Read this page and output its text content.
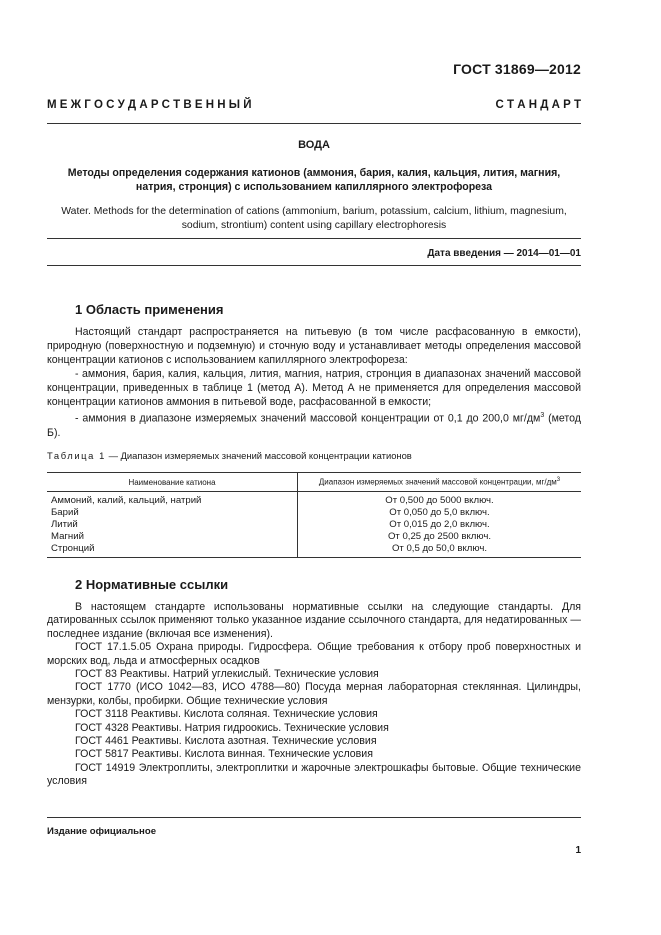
ГОСТ 31869—2012
М Е Ж Г О С У Д А Р С Т В Е Н Н Ы Й	С Т А Н Д А Р Т
ВОДА
Методы определения содержания катионов (аммония, бария, калия, кальция, лития, магния,
натрия, стронция) с использованием капиллярного электрофореза
Water. Methods for the determination of cations (ammonium, barium, potassium, calcium, lithium, magnesium,
sodium, strontium) content using capillary electrophoresis
Дата введения — 2014—01—01
1 Область применения

Настоящий стандарт распространяется на питьевую (в том числе расфасованную в емкости), природную (поверхностную и подземную) и сточную воду и устанавливает методы определения массовой концентрации катионов с использованием капиллярного электрофореза:

- аммония, бария, калия, кальция, лития, магния, натрия, стронция в диапазонах значений массовой концентрации, приведенных в таблице 1 (метод А). Метод А не применяется для определения массовой концентрации катионов аммония в питьевой воде, расфасованной в емкости;

- аммония в диапазоне измеряемых значений массовой концентрации от 0,1 до 200,0 $мг/дм^3$ (метод Б).

Таблица 1 — Диапазон измеряемых значений массовой концентрации катионов
Наименование катиона	Диапазон измеряемых значений массовой концентрации, $мг/дм^3$
Аммоний, калий, кальций, натрий	От 0,500 до 5000 включ.
Барий	От 0,050 до 5,0 включ.
Литий	От 0,015 до 2,0 включ.
Магний	От 0,25 до 2500 включ.
Стронций	От 0,5 до 50,0 включ.
2 Нормативные ссылки

В настоящем стандарте использованы нормативные ссылки на следующие стандарты. Для датированных ссылок применяют только указанное издание ссылочного стандарта, для недатированных — последнее издание (включая все изменения).

ГОСТ 17.1.5.05 Охрана природы. Гидросфера. Общие требования к отбору проб поверхностных и морских вод, льда и атмосферных осадков

ГОСТ 83 Реактивы. Натрий углекислый. Технические условия

ГОСТ 1770 (ИСО 1042—83, ИСО 4788—80) Посуда мерная лабораторная стеклянная. Цилиндры, мензурки, колбы, пробирки. Общие технические условия

ГОСТ 3118 Реактивы. Кислота соляная. Технические условия

ГОСТ 4328 Реактивы. Натрия гидроокись. Технические условия

ГОСТ 4461 Реактивы. Кислота азотная. Технические условия

ГОСТ 5817 Реактивы. Кислота винная. Технические условия

ГОСТ 14919 Электроплиты, электроплитки и жарочные электрошкафы бытовые. Общие технические условия

Издание официальное
1
